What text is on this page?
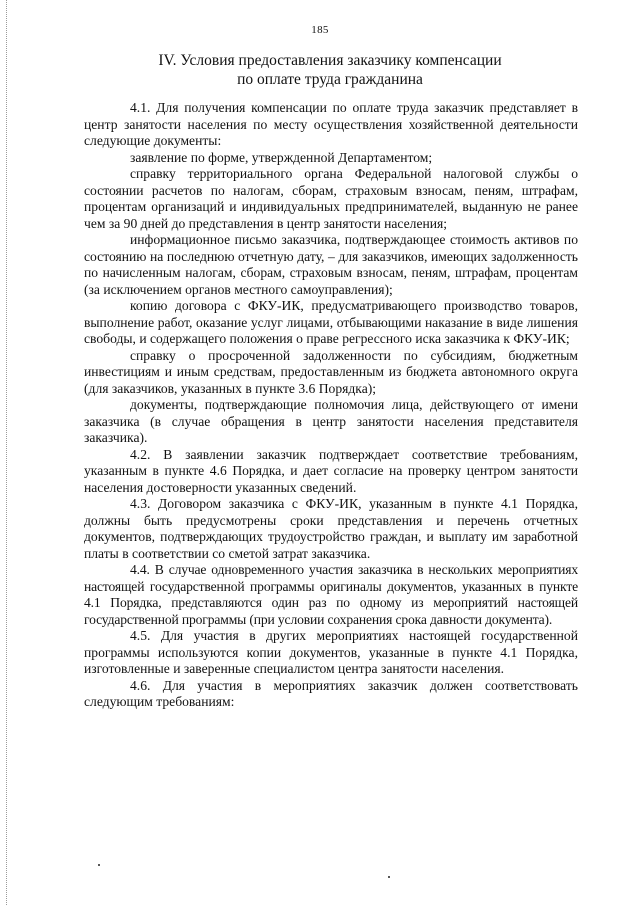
185
IV. Условия предоставления заказчику компенсации
по оплате труда гражданина

4.1. Для получения компенсации по оплате труда заказчик представляет в центр занятости населения по месту осуществления хозяйственной деятельности следующие документы:

заявление по форме, утвержденной Департаментом;

справку территориального органа Федеральной налоговой службы о состоянии расчетов по налогам, сборам, страховым взносам, пеням, штрафам, процентам организаций и индивидуальных предпринимателей, выданную не ранее чем за 90 дней до представления в центр занятости населения;

информационное письмо заказчика, подтверждающее стоимость активов по состоянию на последнюю отчетную дату, – для заказчиков, имеющих задолженность по начисленным налогам, сборам, страховым взносам, пеням, штрафам, процентам (за исключением органов местного самоуправления);

копию договора с ФКУ-ИК, предусматривающего производство товаров, выполнение работ, оказание услуг лицами, отбывающими наказание в виде лишения свободы, и содержащего положения о праве регрессного иска заказчика к ФКУ-ИК;

справку о просроченной задолженности по субсидиям, бюджетным инвестициям и иным средствам, предоставленным из бюджета автономного округа (для заказчиков, указанных в пункте 3.6 Порядка);

документы, подтверждающие полномочия лица, действующего от имени заказчика (в случае обращения в центр занятости населения представителя заказчика).

4.2. В заявлении заказчик подтверждает соответствие требованиям, указанным в пункте 4.6 Порядка, и дает согласие на проверку центром занятости населения достоверности указанных сведений.

4.3. Договором заказчика с ФКУ-ИК, указанным в пункте 4.1 Порядка, должны быть предусмотрены сроки представления и перечень отчетных документов, подтверждающих трудоустройство граждан, и выплату им заработной платы в соответствии со сметой затрат заказчика.

4.4. В случае одновременного участия заказчика в нескольких мероприятиях настоящей государственной программы оригиналы документов, указанных в пункте 4.1 Порядка, представляются один раз по одному из мероприятий настоящей государственной программы (при условии сохранения срока давности документа).

4.5. Для участия в других мероприятиях настоящей государственной программы используются копии документов, указанные в пункте 4.1 Порядка, изготовленные и заверенные специалистом центра занятости населения.

4.6. Для участия в мероприятиях заказчик должен соответствовать следующим требованиям:
